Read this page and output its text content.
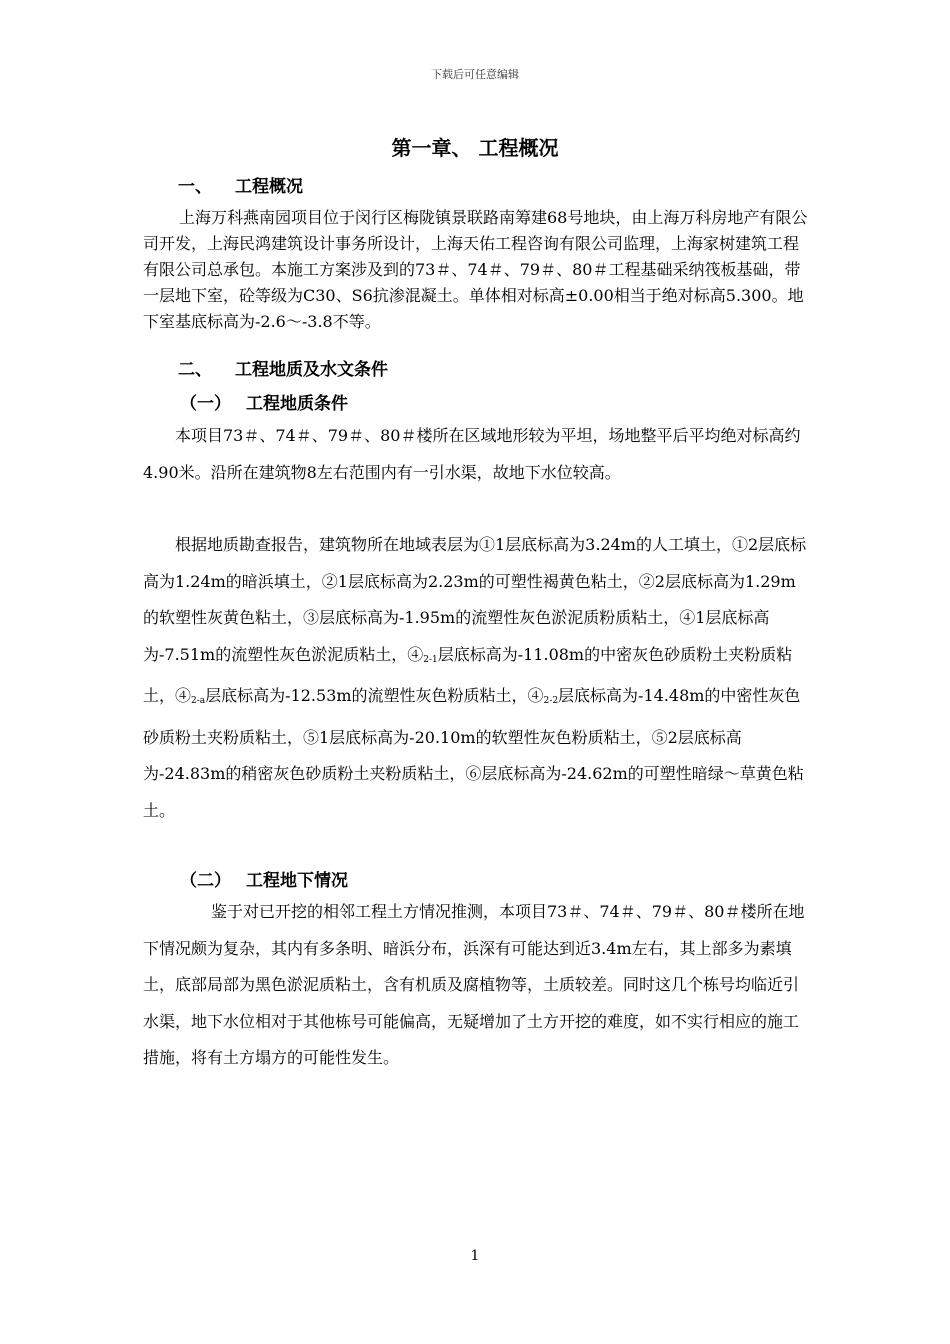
下载后可任意编辑
第一章、 工程概况
一、 工程概况

上海万科燕南园项目位于闵行区梅陇镇景联路南筹建68号地块，由上海万科房地产有限公司开发，上海民鸿建筑设计事务所设计，上海天佑工程咨询有限公司监理，上海家树建筑工程有限公司总承包。本施工方案涉及到的73＃、74＃、79＃、80＃工程基础采纳筏板基础，带一层地下室，砼等级为C30、S6抗渗混凝土。单体相对标高±0.00相当于绝对标高5.300。地下室基底标高为-2.6～-3.8不等。

二、 工程地质及水文条件
（一） 工程地质条件

本项目73＃、74＃、79＃、80＃楼所在区域地形较为平坦，场地整平后平均绝对标高约4.90米。沿所在建筑物8左右范围内有一引水渠，故地下水位较高。

根据地质勘查报告，建筑物所在地域表层为①1层底标高为3.24m的人工填土，①2层底标高为1.24m的暗浜填土，②1层底标高为2.23m的可塑性褐黄色粘土，②2层底标高为1.29m的软塑性灰黄色粘土，③层底标高为-1.95m的流塑性灰色淤泥质粉质粘土，④1层底标高为-7.51m的流塑性灰色淤泥质粘土，$④_{2-1}$层底标高为-11.08m的中密灰色砂质粉土夹粉质粘土，$④_{2-a}$层底标高为-12.53m的流塑性灰色粉质粘土，$④_{2-2}$层底标高为-14.48m的中密性灰色砂质粉土夹粉质粘土，⑤1层底标高为-20.10m的软塑性灰色粉质粘土，⑤2层底标高为-24.83m的稍密灰色砂质粉土夹粉质粘土，⑥层底标高为-24.62m的可塑性暗绿～草黄色粘土。

（二） 工程地下情况

鉴于对已开挖的相邻工程土方情况推测，本项目73＃、74＃、79＃、80＃楼所在地下情况颇为复杂，其内有多条明、暗浜分布，浜深有可能达到近3.4m左右，其上部多为素填土，底部局部为黑色淤泥质粘土，含有机质及腐植物等，土质较差。同时这几个栋号均临近引水渠，地下水位相对于其他栋号可能偏高，无疑增加了土方开挖的难度，如不实行相应的施工措施，将有土方塌方的可能性发生。

1
